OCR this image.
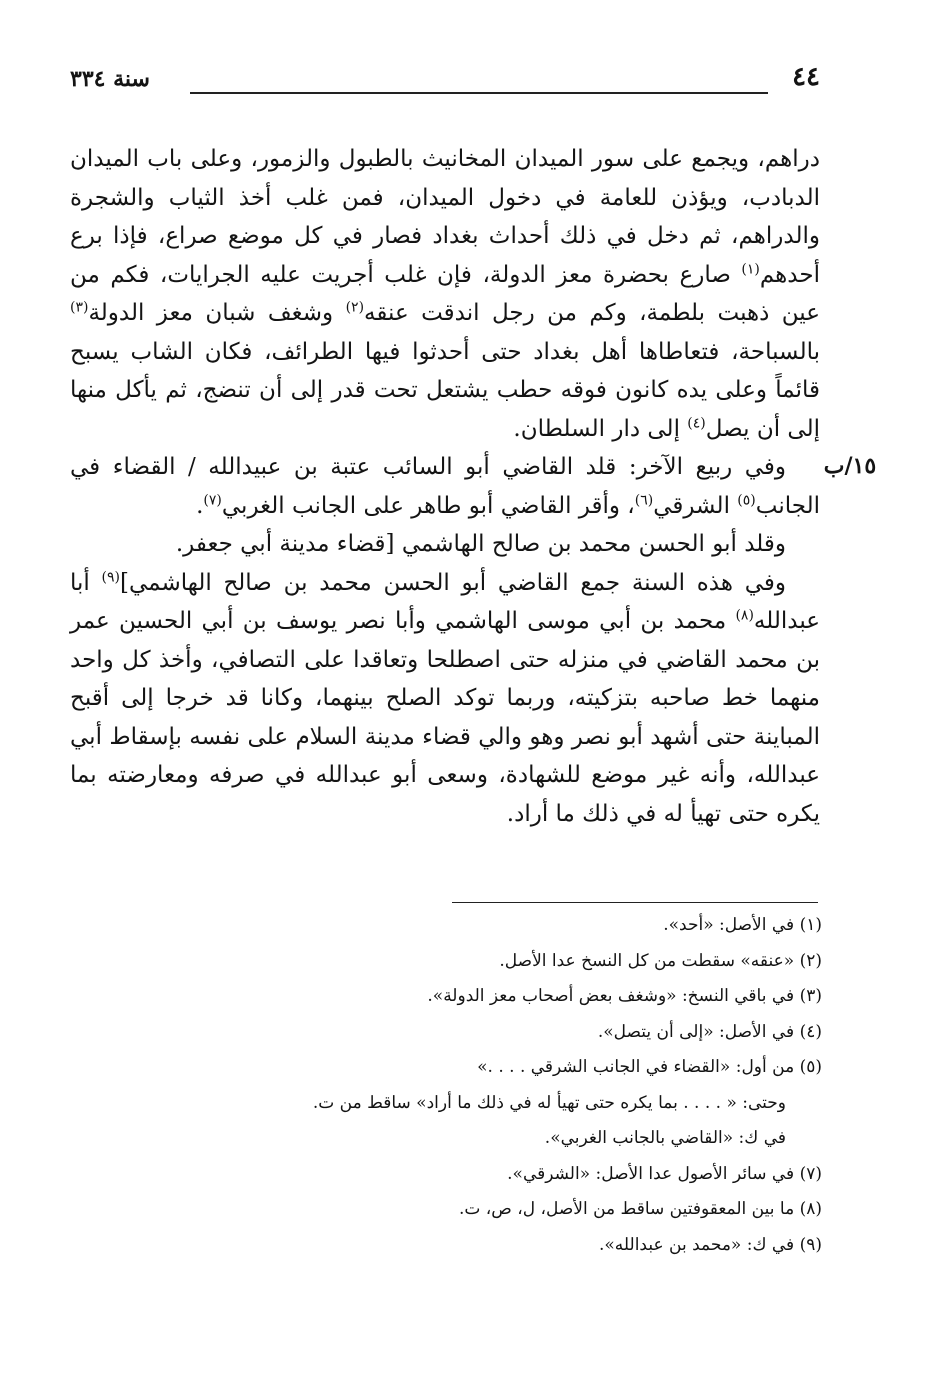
٤٤
سنة ٣٣٤
١٥/ب

دراهم، ويجمع على سور الميدان المخانيث بالطبول والزمور، وعلى باب الميدان الدبادب، ويؤذن للعامة في دخول الميدان، فمن غلب أخذ الثياب والشجرة والدراهم، ثم دخل في ذلك أحداث بغداد فصار في كل موضع صراع، فإذا برع أحدهم$^{(١)}$ صارع بحضرة معز الدولة، فإن غلب أجريت عليه الجرايات، فكم من عين ذهبت بلطمة، وكم من رجل اندقت عنقه$^{(٢)}$ وشغف شبان معز الدولة$^{(٣)}$ بالسباحة، فتعاطاها أهل بغداد حتى أحدثوا فيها الطرائف، فكان الشاب يسبح قائماً وعلى يده كانون فوقه حطب يشتعل تحت قدر إلى أن تنضج، ثم يأكل منها إلى أن يصل$^{(٤)}$ إلى دار السلطان.

وفي ربيع الآخر: قلد القاضي أبو السائب عتبة بن عبيدالله / القضاء في الجانب$^{(٥)}$ الشرقي$^{(٦)}$، وأقر القاضي أبو طاهر على الجانب الغربي$^{(٧)}$.

وقلد أبو الحسن محمد بن صالح الهاشمي [قضاء مدينة أبي جعفر.

وفي هذه السنة جمع القاضي أبو الحسن محمد بن صالح الهاشمي]$^{(٩)}$ أبا عبدالله$^{(٨)}$ محمد بن أبي موسى الهاشمي وأبا نصر يوسف بن أبي الحسين عمر بن محمد القاضي في منزله حتى اصطلحا وتعاقدا على التصافي، وأخذ كل واحد منهما خط صاحبه بتزكيته، وربما توكد الصلح بينهما، وكانا قد خرجا إلى أقبح المباينة حتى أشهد أبو نصر وهو والي قضاء مدينة السلام على نفسه بإسقاط أبي عبدالله، وأنه غير موضع للشهادة، وسعى أبو عبدالله في صرفه ومعارضته بما يكره حتى تهيأ له في ذلك ما أراد.

(١) في الأصل: «أحد».
(٢) «عنقه» سقطت من كل النسخ عدا الأصل.
(٣) في باقي النسخ: «وشغف بعض أصحاب معز الدولة».
(٤) في الأصل: «إلى أن يتصل».
(٥) من أول: «القضاء في الجانب الشرقي . . . .»
وحتى: « . . . . بما يكره حتى تهيأ له في ذلك ما أراد» ساقط من ت.
في ك: «القاضي بالجانب الغربي».
(٧) في سائر الأصول عدا الأصل: «الشرقي».
(٨) ما بين المعقوفتين ساقط من الأصل، ل، ص، ت.
(٩) في ك: «محمد بن عبدالله».
